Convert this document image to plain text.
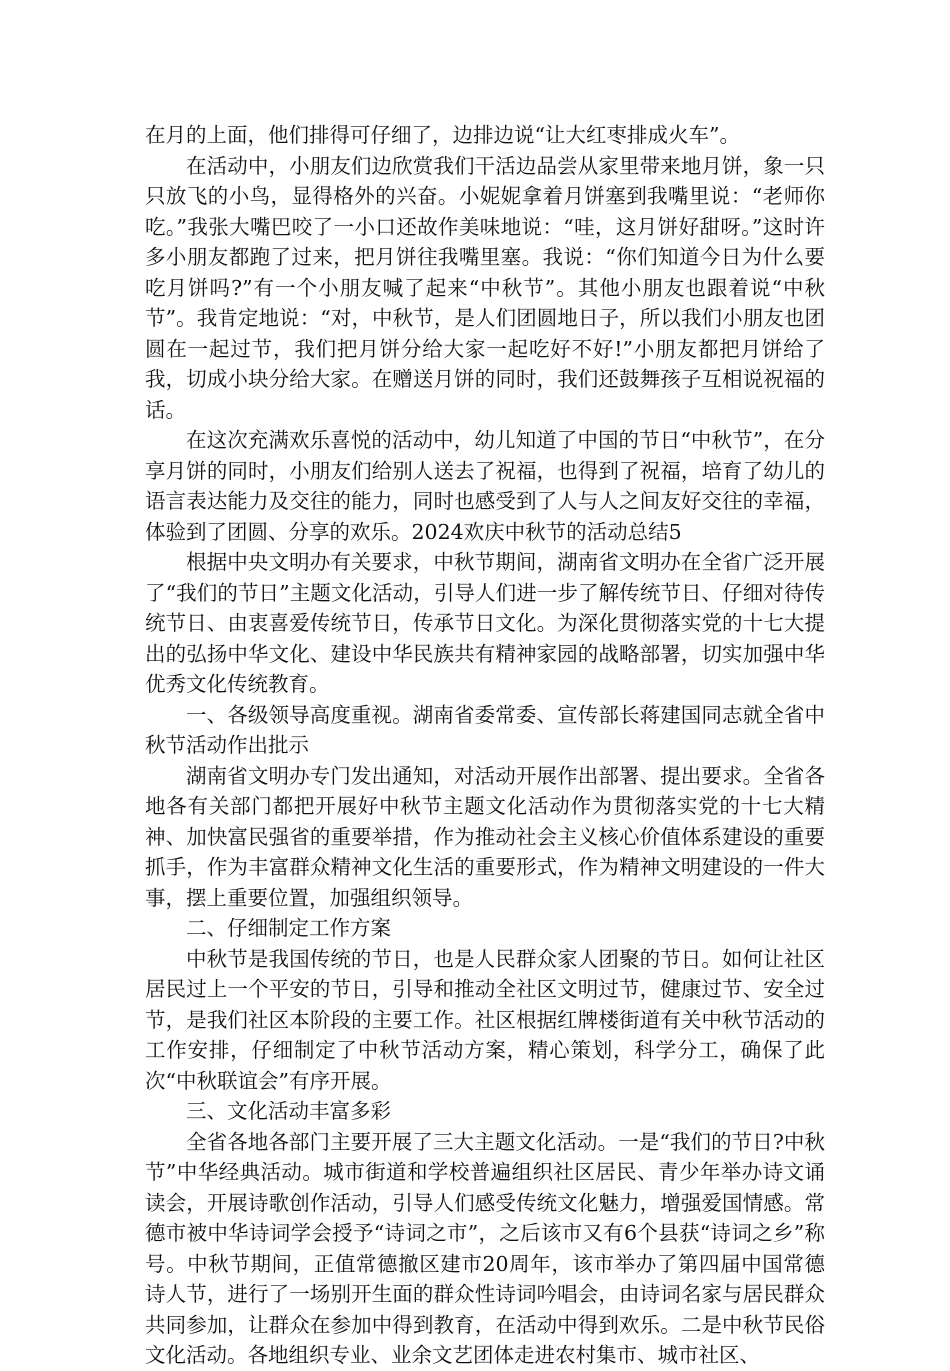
在月的上面，他们排得可仔细了，边排边说“让大红枣排成火车”。

在活动中，小朋友们边欣赏我们干活边品尝从家里带来地月饼，象一只只放飞的小鸟，显得格外的兴奋。小妮妮拿着月饼塞到我嘴里说：“老师你吃。”我张大嘴巴咬了一小口还故作美味地说：“哇，这月饼好甜呀。”这时许多小朋友都跑了过来，把月饼往我嘴里塞。我说：“你们知道今日为什么要吃月饼吗?”有一个小朋友喊了起来“中秋节”。其他小朋友也跟着说“中秋节”。我肯定地说：“对，中秋节，是人们团圆地日子，所以我们小朋友也团圆在一起过节，我们把月饼分给大家一起吃好不好!”小朋友都把月饼给了我，切成小块分给大家。在赠送月饼的同时，我们还鼓舞孩子互相说祝福的话。

在这次充满欢乐喜悦的活动中，幼儿知道了中国的节日“中秋节”，在分享月饼的同时，小朋友们给别人送去了祝福，也得到了祝福，培育了幼儿的语言表达能力及交往的能力，同时也感受到了人与人之间友好交往的幸福，体验到了团圆、分享的欢乐。2024欢庆中秋节的活动总结5

根据中央文明办有关要求，中秋节期间，湖南省文明办在全省广泛开展了“我们的节日”主题文化活动，引导人们进一步了解传统节日、仔细对待传统节日、由衷喜爱传统节日，传承节日文化。为深化贯彻落实党的十七大提出的弘扬中华文化、建设中华民族共有精神家园的战略部署，切实加强中华优秀文化传统教育。

一、各级领导高度重视。湖南省委常委、宣传部长蒋建国同志就全省中秋节活动作出批示

湖南省文明办专门发出通知，对活动开展作出部署、提出要求。全省各地各有关部门都把开展好中秋节主题文化活动作为贯彻落实党的十七大精神、加快富民强省的重要举措，作为推动社会主义核心价值体系建设的重要抓手，作为丰富群众精神文化生活的重要形式，作为精神文明建设的一件大事，摆上重要位置，加强组织领导。

二、仔细制定工作方案

中秋节是我国传统的节日，也是人民群众家人团聚的节日。如何让社区居民过上一个平安的节日，引导和推动全社区文明过节，健康过节、安全过节，是我们社区本阶段的主要工作。社区根据红牌楼街道有关中秋节活动的工作安排，仔细制定了中秋节活动方案，精心策划，科学分工，确保了此次“中秋联谊会”有序开展。

三、文化活动丰富多彩

全省各地各部门主要开展了三大主题文化活动。一是“我们的节日?中秋节”中华经典活动。城市街道和学校普遍组织社区居民、青少年举办诗文诵读会，开展诗歌创作活动，引导人们感受传统文化魅力，增强爱国情感。常德市被中华诗词学会授予“诗词之市”，之后该市又有6个县获“诗词之乡”称号。中秋节期间，正值常德撤区建市20周年，该市举办了第四届中国常德诗人节，进行了一场别开生面的群众性诗词吟唱会，由诗词名家与居民群众共同参加，让群众在参加中得到教育，在活动中得到欢乐。二是中秋节民俗文化活动。各地组织专业、业余文艺团体走进农村集市、城市社区、
